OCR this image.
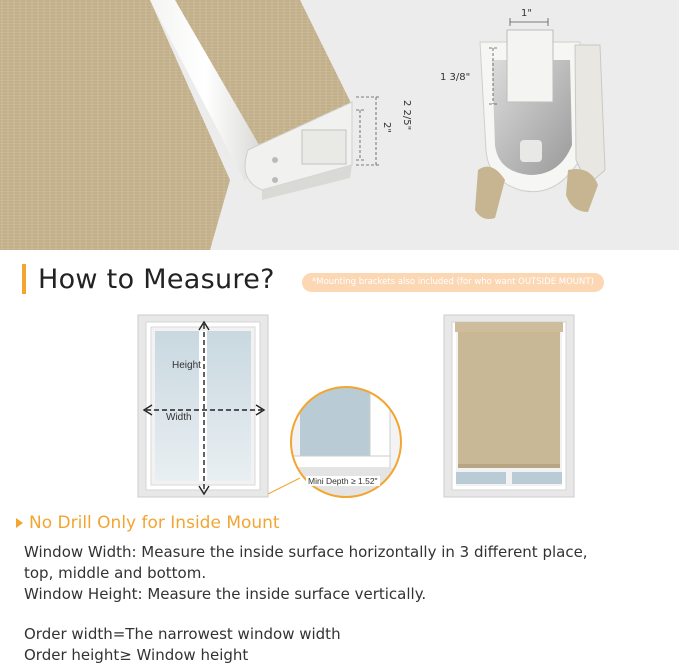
2 2/5"
2"
1"
1 3/8"
How to Measure?	*Mounting brackets also included (for who want OUTSIDE MOUNT)
Height
Width
Mini Depth ≥ 1.52"
No Drill Only for Inside Mount
Window Width: Measure the inside surface horizontally in 3 different place,
top, middle and bottom.
Window Height: Measure the inside surface vertically.
Order width=The narrowest window width
Order height≥ Window height
